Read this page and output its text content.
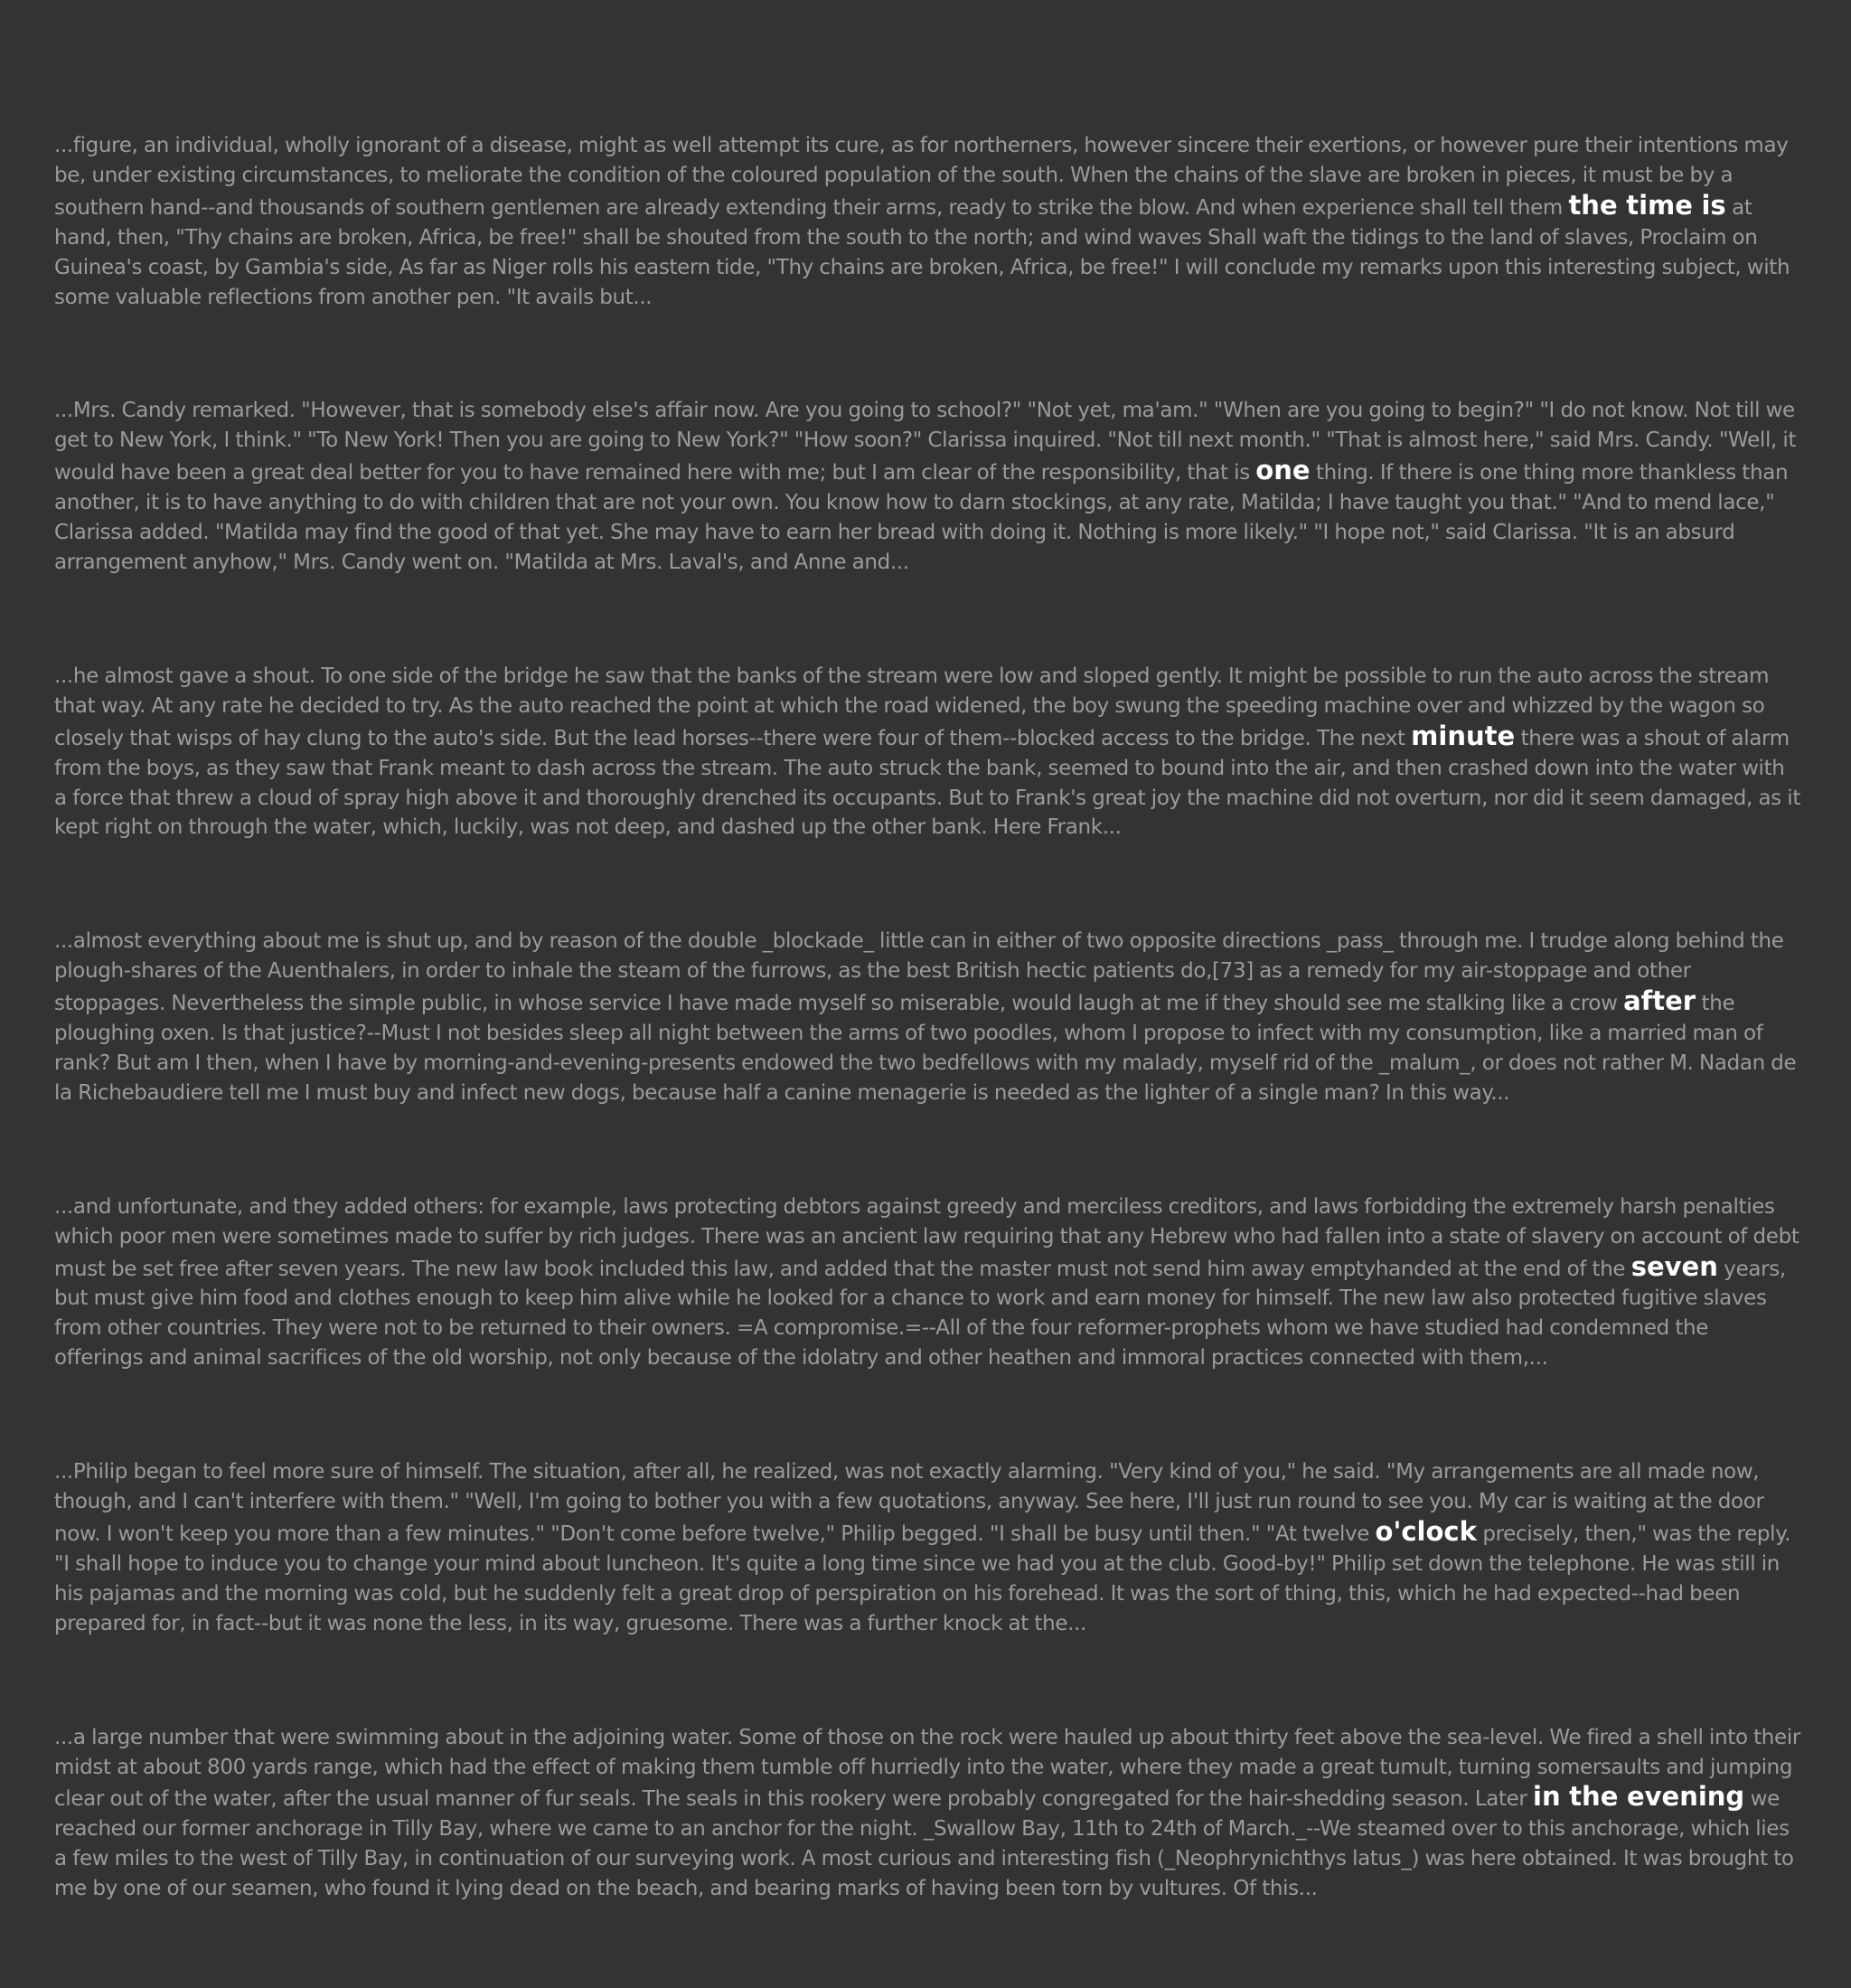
...figure, an individual, wholly ignorant of a disease, might as well attempt its cure, as for northerners, however sincere their exertions, or however pure their intentions may be, under existing circumstances, to meliorate the condition of the coloured population of the south. When the chains of the slave are broken in pieces, it must be by a southern hand--and thousands of southern gentlemen are already extending their arms, ready to strike the blow. And when experience shall tell them the time is at hand, then, "Thy chains are broken, Africa, be free!" shall be shouted from the south to the north; and wind waves Shall waft the tidings to the land of slaves, Proclaim on Guinea's coast, by Gambia's side, As far as Niger rolls his eastern tide, "Thy chains are broken, Africa, be free!" I will conclude my remarks upon this interesting subject, with some valuable reflections from another pen. "It avails but...

...Mrs. Candy remarked. "However, that is somebody else's affair now. Are you going to school?" "Not yet, ma'am." "When are you going to begin?" "I do not know. Not till we get to New York, I think." "To New York! Then you are going to New York?" "How soon?" Clarissa inquired. "Not till next month." "That is almost here," said Mrs. Candy. "Well, it would have been a great deal better for you to have remained here with me; but I am clear of the responsibility, that is one thing. If there is one thing more thankless than another, it is to have anything to do with children that are not your own. You know how to darn stockings, at any rate, Matilda; I have taught you that." "And to mend lace," Clarissa added. "Matilda may find the good of that yet. She may have to earn her bread with doing it. Nothing is more likely." "I hope not," said Clarissa. "It is an absurd arrangement anyhow," Mrs. Candy went on. "Matilda at Mrs. Laval's, and Anne and...

...he almost gave a shout. To one side of the bridge he saw that the banks of the stream were low and sloped gently. It might be possible to run the auto across the stream that way. At any rate he decided to try. As the auto reached the point at which the road widened, the boy swung the speeding machine over and whizzed by the wagon so closely that wisps of hay clung to the auto's side. But the lead horses--there were four of them--blocked access to the bridge. The next minute there was a shout of alarm from the boys, as they saw that Frank meant to dash across the stream. The auto struck the bank, seemed to bound into the air, and then crashed down into the water with a force that threw a cloud of spray high above it and thoroughly drenched its occupants. But to Frank's great joy the machine did not overturn, nor did it seem damaged, as it kept right on through the water, which, luckily, was not deep, and dashed up the other bank. Here Frank...

...almost everything about me is shut up, and by reason of the double _blockade_ little can in either of two opposite directions _pass_ through me. I trudge along behind the plough-shares of the Auenthalers, in order to inhale the steam of the furrows, as the best British hectic patients do,[73] as a remedy for my air-stoppage and other stoppages. Nevertheless the simple public, in whose service I have made myself so miserable, would laugh at me if they should see me stalking like a crow after the ploughing oxen. Is that justice?--Must I not besides sleep all night between the arms of two poodles, whom I propose to infect with my consumption, like a married man of rank? But am I then, when I have by morning-and-evening-presents endowed the two bedfellows with my malady, myself rid of the _malum_, or does not rather M. Nadan de la Richebaudiere tell me I must buy and infect new dogs, because half a canine menagerie is needed as the lighter of a single man? In this way...

...and unfortunate, and they added others: for example, laws protecting debtors against greedy and merciless creditors, and laws forbidding the extremely harsh penalties which poor men were sometimes made to suffer by rich judges. There was an ancient law requiring that any Hebrew who had fallen into a state of slavery on account of debt must be set free after seven years. The new law book included this law, and added that the master must not send him away emptyhanded at the end of the seven years, but must give him food and clothes enough to keep him alive while he looked for a chance to work and earn money for himself. The new law also protected fugitive slaves from other countries. They were not to be returned to their owners. =A compromise.=--All of the four reformer-prophets whom we have studied had condemned the offerings and animal sacrifices of the old worship, not only because of the idolatry and other heathen and immoral practices connected with them,...

...Philip began to feel more sure of himself. The situation, after all, he realized, was not exactly alarming. "Very kind of you," he said. "My arrangements are all made now, though, and I can't interfere with them." "Well, I'm going to bother you with a few quotations, anyway. See here, I'll just run round to see you. My car is waiting at the door now. I won't keep you more than a few minutes." "Don't come before twelve," Philip begged. "I shall be busy until then." "At twelve o'clock precisely, then," was the reply. "I shall hope to induce you to change your mind about luncheon. It's quite a long time since we had you at the club. Good-by!" Philip set down the telephone. He was still in his pajamas and the morning was cold, but he suddenly felt a great drop of perspiration on his forehead. It was the sort of thing, this, which he had expected--had been prepared for, in fact--but it was none the less, in its way, gruesome. There was a further knock at the...

...a large number that were swimming about in the adjoining water. Some of those on the rock were hauled up about thirty feet above the sea-level. We fired a shell into their midst at about 800 yards range, which had the effect of making them tumble off hurriedly into the water, where they made a great tumult, turning somersaults and jumping clear out of the water, after the usual manner of fur seals. The seals in this rookery were probably congregated for the hair-shedding season. Later in the evening we reached our former anchorage in Tilly Bay, where we came to an anchor for the night. _Swallow Bay, 11th to 24th of March._--We steamed over to this anchorage, which lies a few miles to the west of Tilly Bay, in continuation of our surveying work. A most curious and interesting fish (_Neophrynichthys latus_) was here obtained. It was brought to me by one of our seamen, who found it lying dead on the beach, and bearing marks of having been torn by vultures. Of this...
